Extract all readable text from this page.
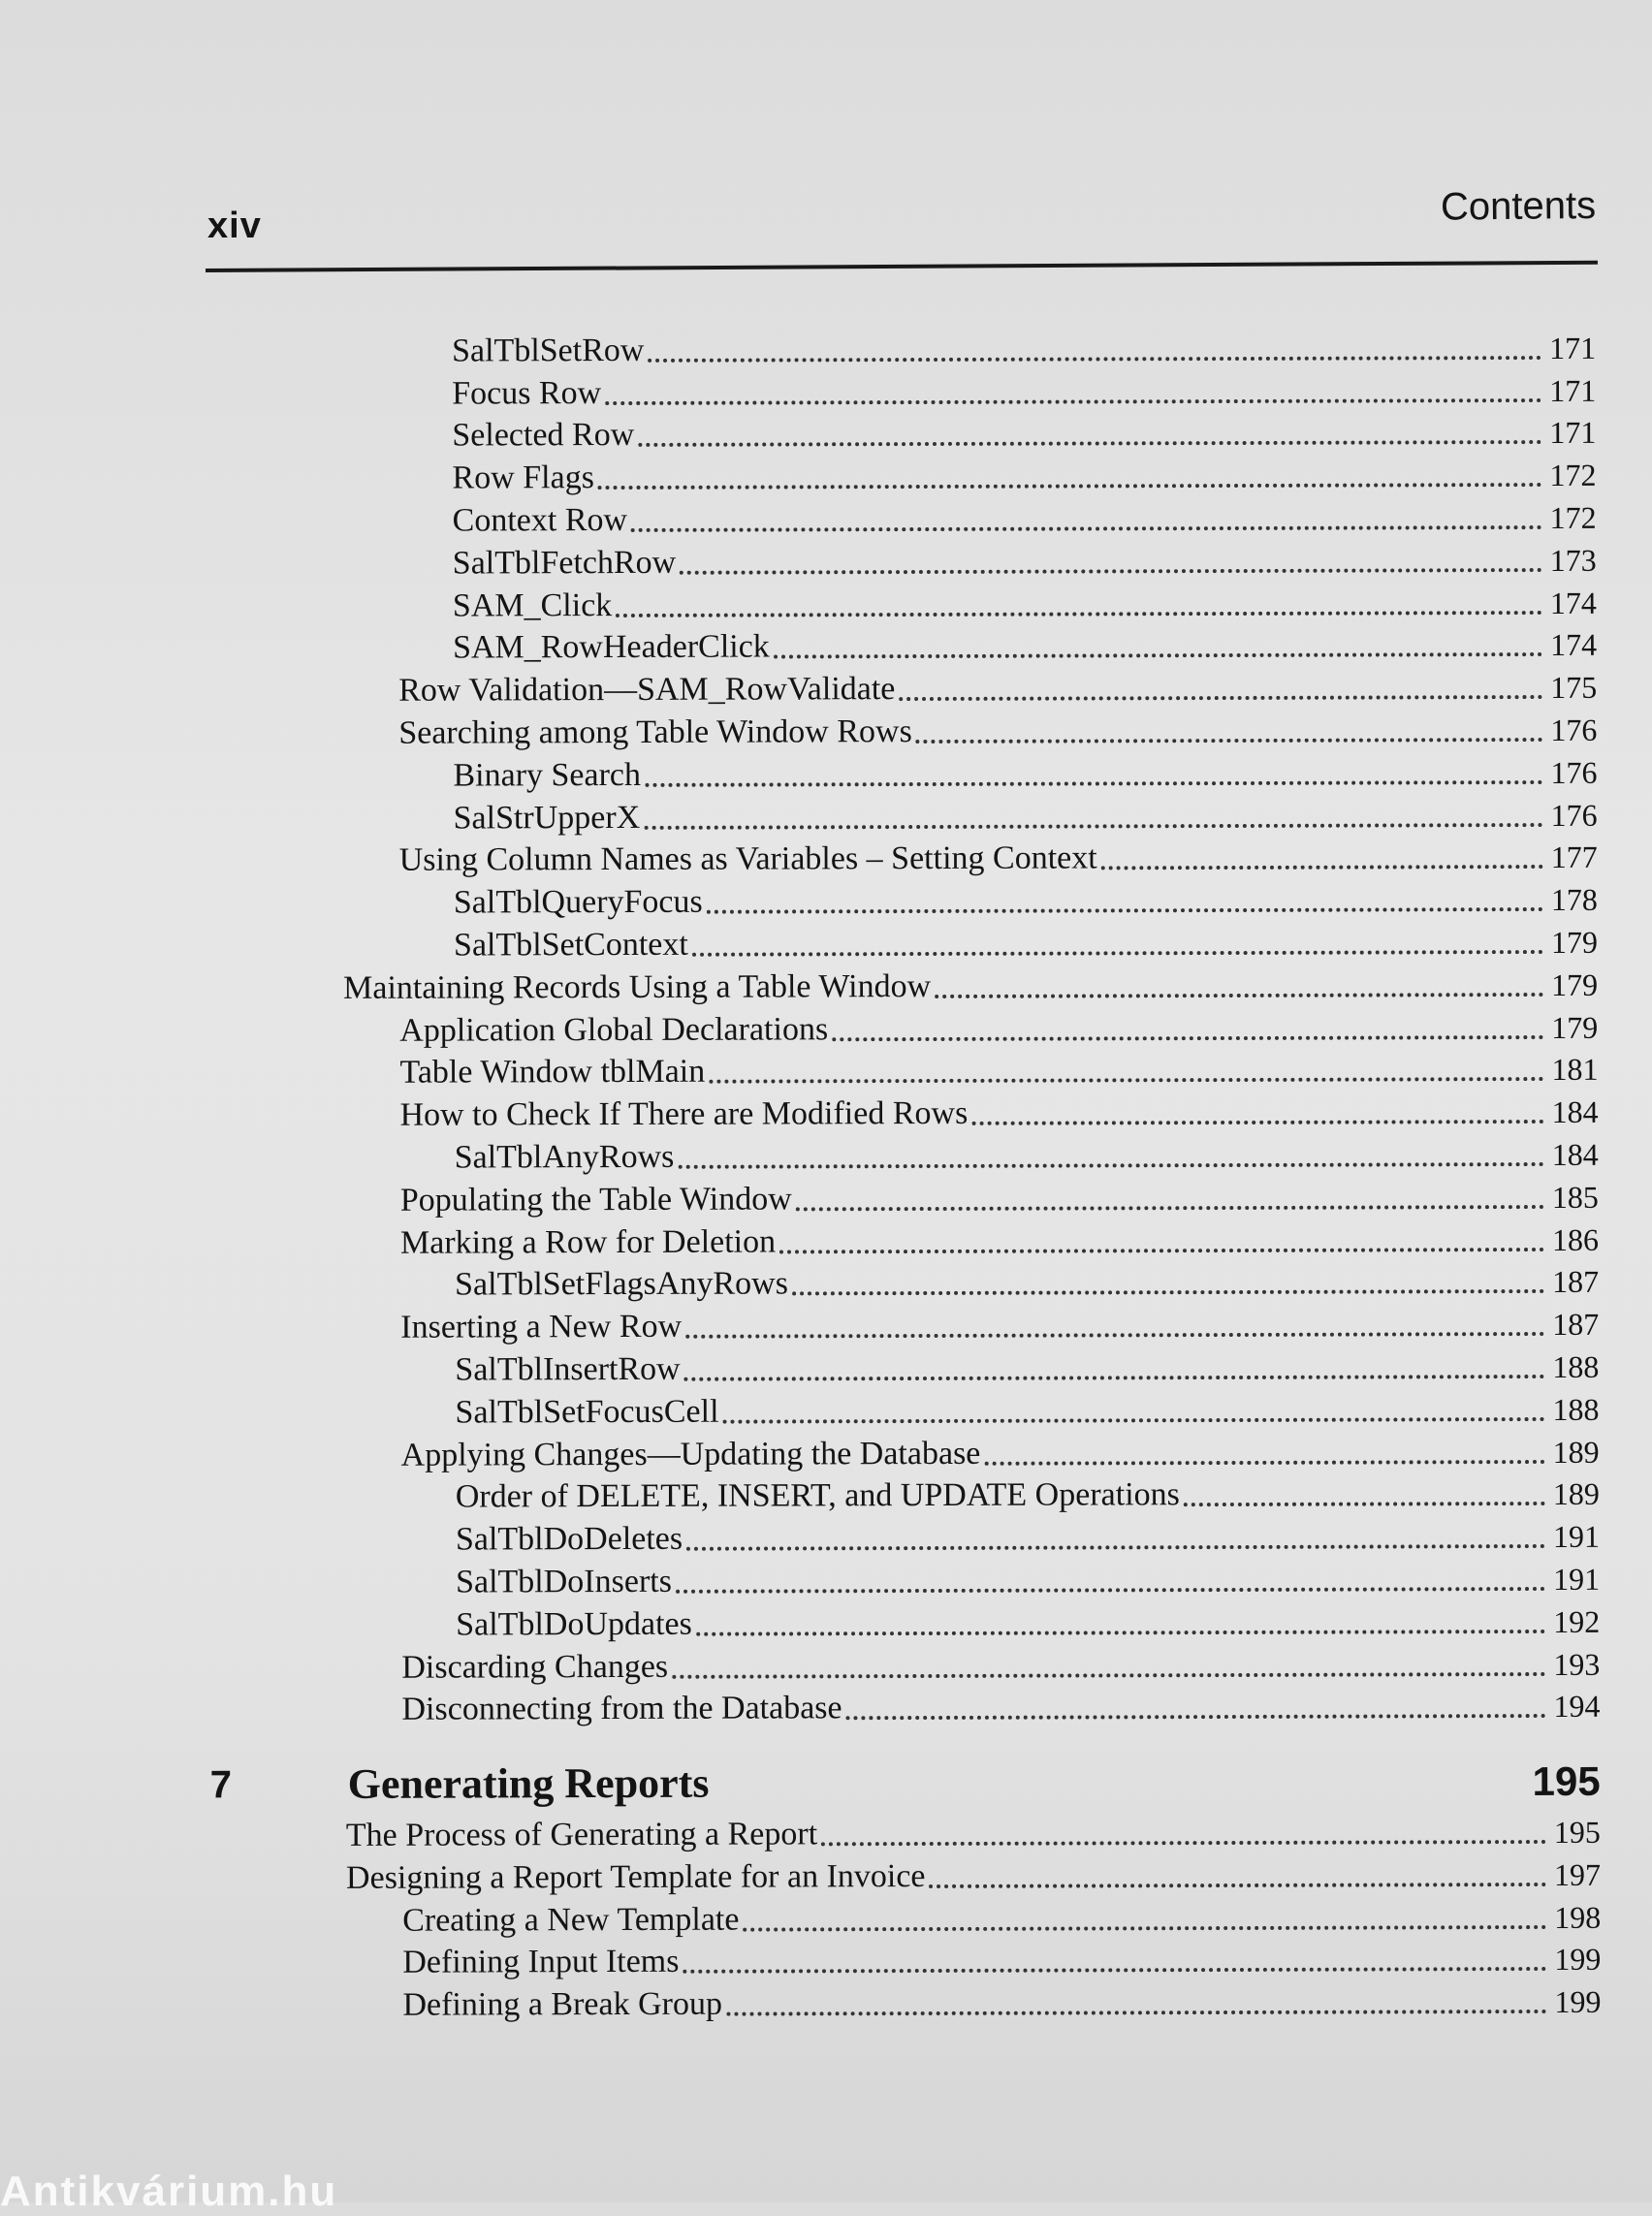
xiv	Contents
SalTblSetRow	171
Focus Row	171
Selected Row	171
Row Flags	172
Context Row	172
SalTblFetchRow	173
SAM_Click	174
SAM_RowHeaderClick	174
Row Validation—SAM_RowValidate	175
Searching among Table Window Rows	176
Binary Search	176
SalStrUpperX	176
Using Column Names as Variables – Setting Context	177
SalTblQueryFocus	178
SalTblSetContext	179
Maintaining Records Using a Table Window	179
Application Global Declarations	179
Table Window tblMain	181
How to Check If There are Modified Rows	184
SalTblAnyRows	184
Populating the Table Window	185
Marking a Row for Deletion	186
SalTblSetFlagsAnyRows	187
Inserting a New Row	187
SalTblInsertRow	188
SalTblSetFocusCell	188
Applying Changes—Updating the Database	189
Order of DELETE, INSERT, and UPDATE Operations	189
SalTblDoDeletes	191
SalTblDoInserts	191
SalTblDoUpdates	192
Discarding Changes	193
Disconnecting from the Database	194
7	Generating Reports	195
The Process of Generating a Report	195
Designing a Report Template for an Invoice	197
Creating a New Template	198
Defining Input Items	199
Defining a Break Group	199
Antikvárium.hu
